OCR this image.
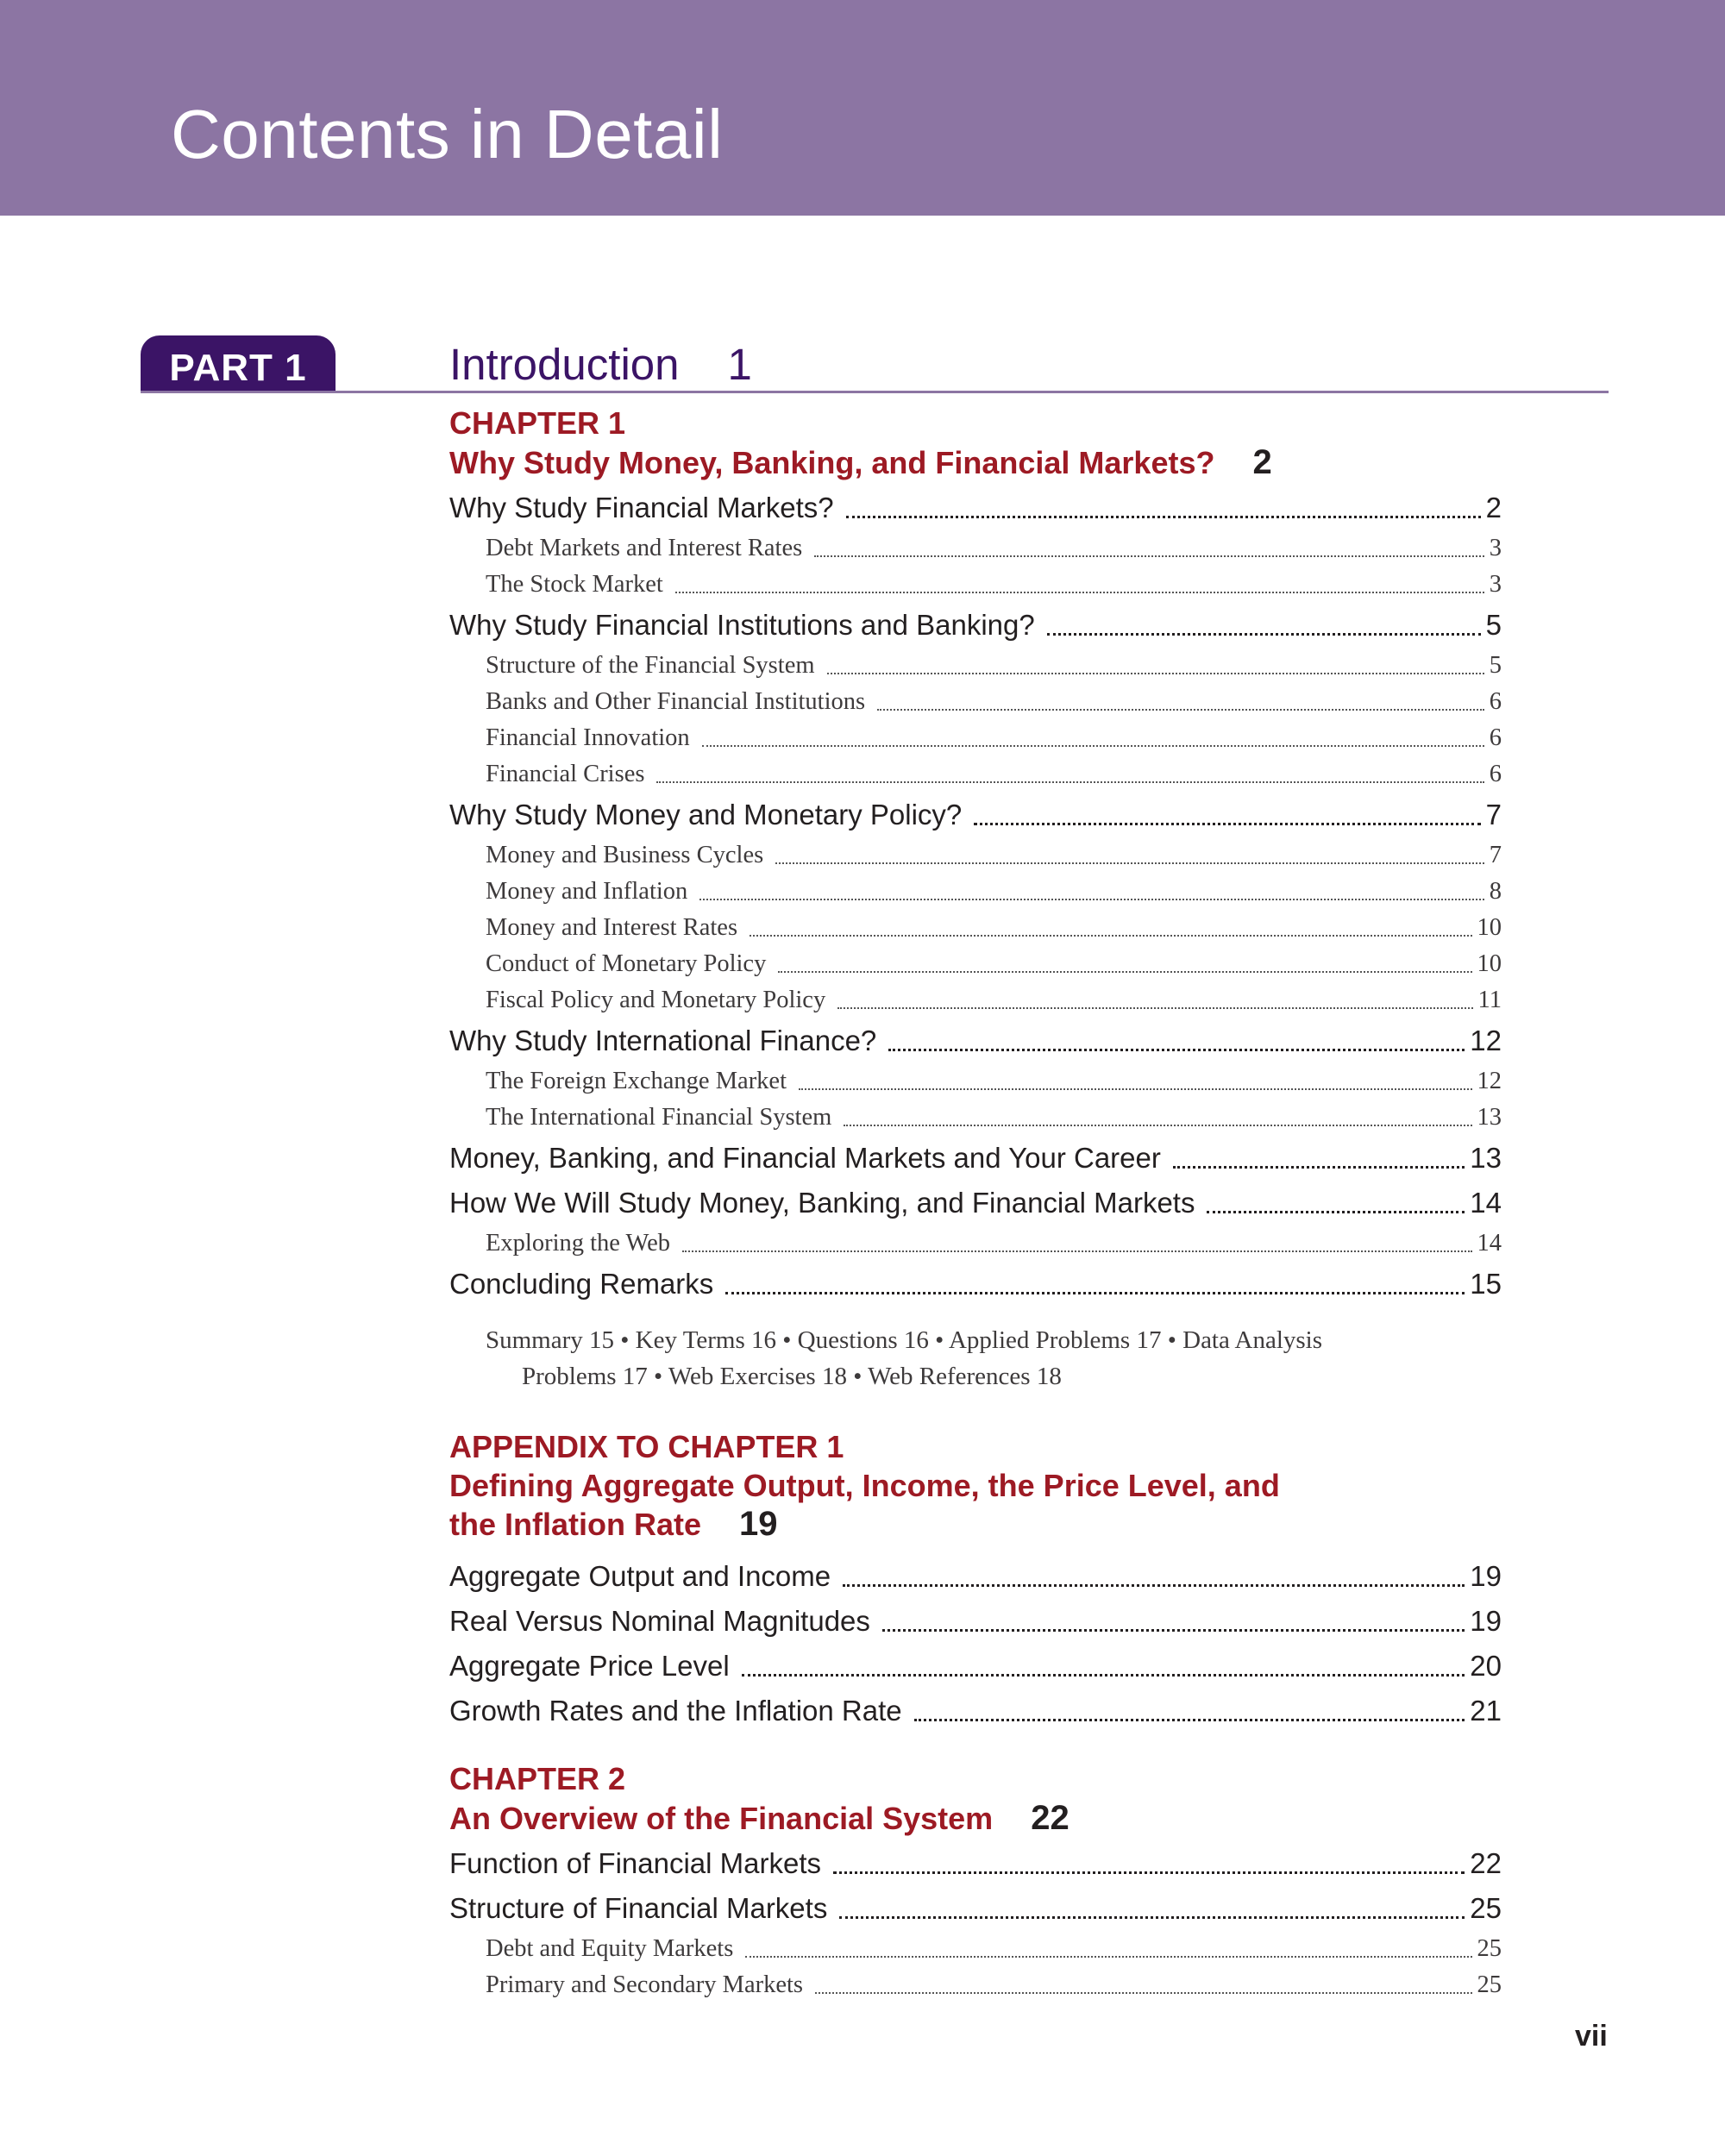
Contents in Detail
PART 1	Introduction 1
CHAPTER 1
Why Study Money, Banking, and Financial Markets? 2
Why Study Financial Markets?	2
Debt Markets and Interest Rates	3
The Stock Market	3
Why Study Financial Institutions and Banking?	5
Structure of the Financial System	5
Banks and Other Financial Institutions	6
Financial Innovation	6
Financial Crises	6
Why Study Money and Monetary Policy?	7
Money and Business Cycles	7
Money and Inflation	8
Money and Interest Rates	10
Conduct of Monetary Policy	10
Fiscal Policy and Monetary Policy	11
Why Study International Finance?	12
The Foreign Exchange Market	12
The International Financial System	13
Money, Banking, and Financial Markets and Your Career	13
How We Will Study Money, Banking, and Financial Markets	14
Exploring the Web	14
Concluding Remarks	15
Summary 15 • Key Terms 16 • Questions 16 • Applied Problems 17 • Data Analysis
Problems 17 • Web Exercises 18 • Web References 18
APPENDIX TO CHAPTER 1
Defining Aggregate Output, Income, the Price Level, and
the Inflation Rate 19
Aggregate Output and Income	19
Real Versus Nominal Magnitudes	19
Aggregate Price Level	20
Growth Rates and the Inflation Rate	21
CHAPTER 2
An Overview of the Financial System 22
Function of Financial Markets	22
Structure of Financial Markets	25
Debt and Equity Markets	25
Primary and Secondary Markets	25
vii
